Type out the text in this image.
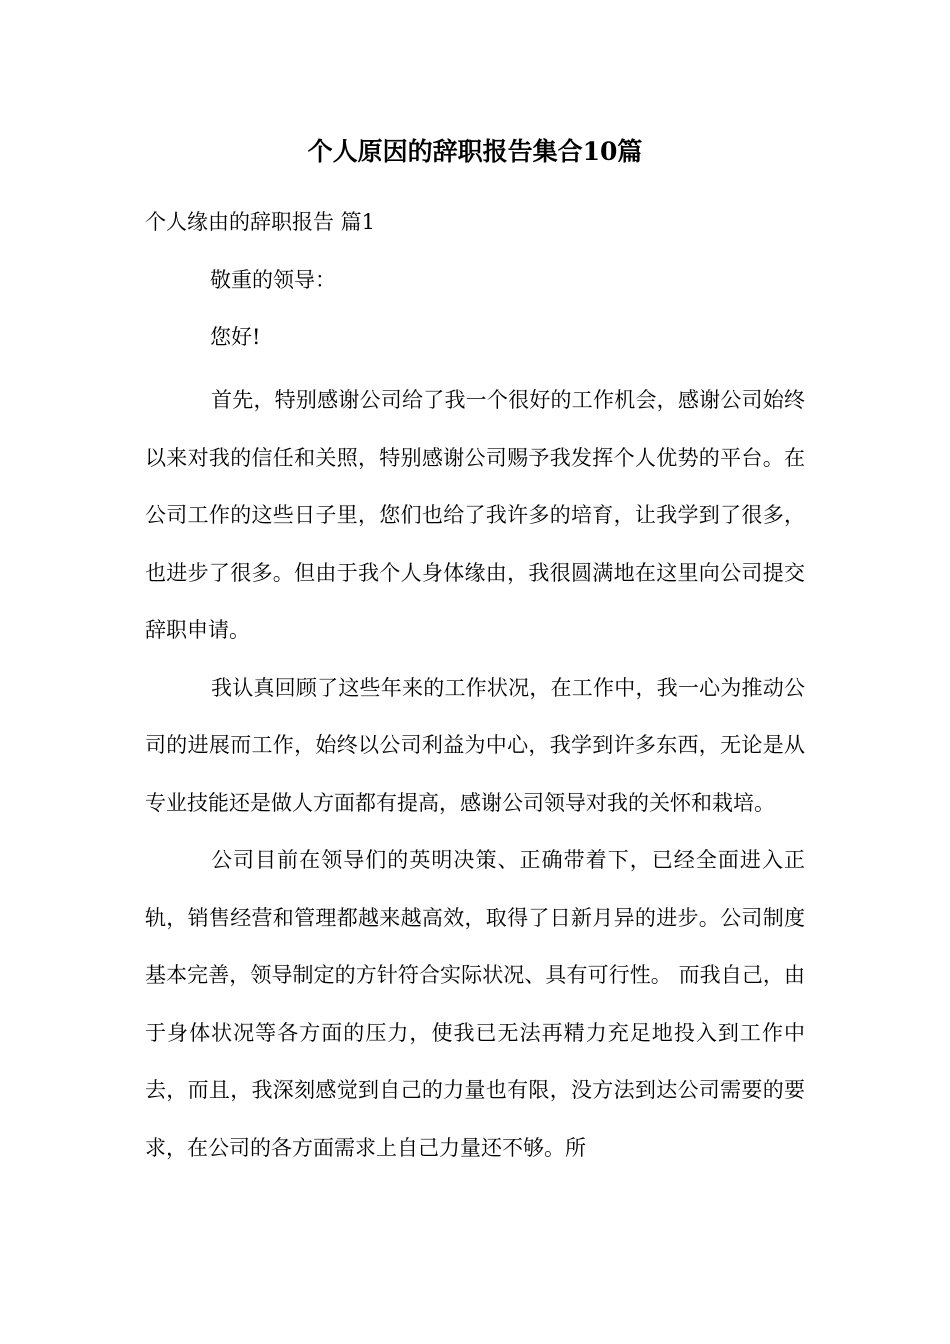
个人原因的辞职报告集合10篇

个人缘由的辞职报告 篇1

敬重的领导：

您好!

首先，特别感谢公司给了我一个很好的工作机会，感谢公司始终以来对我的信任和关照，特别感谢公司赐予我发挥个人优势的平台。在公司工作的这些日子里，您们也给了我许多的培育，让我学到了很多，也进步了很多。但由于我个人身体缘由，我很圆满地在这里向公司提交辞职申请。

我认真回顾了这些年来的工作状况，在工作中，我一心为推动公司的进展而工作，始终以公司利益为中心，我学到许多东西，无论是从专业技能还是做人方面都有提高，感谢公司领导对我的关怀和栽培。

公司目前在领导们的英明决策、正确带着下，已经全面进入正轨，销售经营和管理都越来越高效，取得了日新月异的进步。公司制度基本完善，领导制定的方针符合实际状况、具有可行性。 而我自己，由于身体状况等各方面的压力，使我已无法再精力充足地投入到工作中去，而且，我深刻感觉到自己的力量也有限，没方法到达公司需要的要求，在公司的各方面需求上自己力量还不够。所
